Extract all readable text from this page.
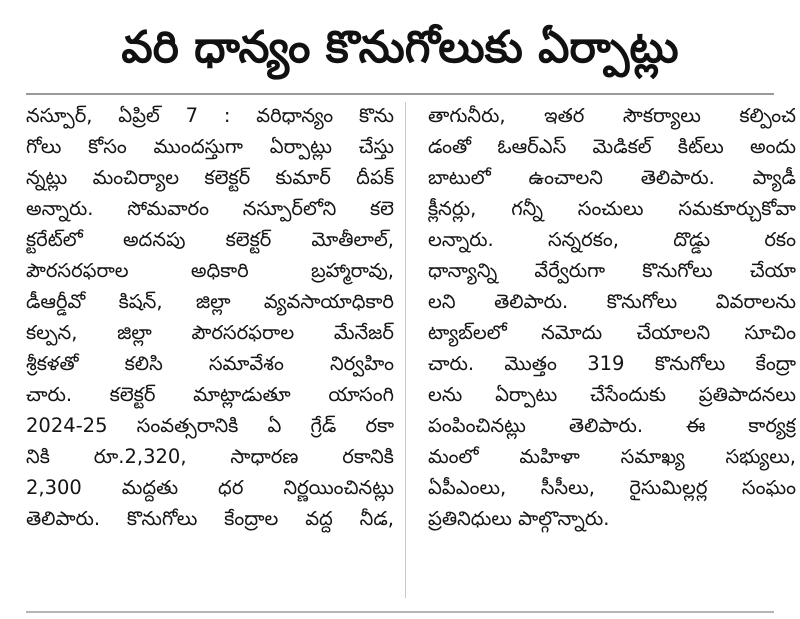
వరి ధాన్యం కొనుగోలుకు ఏర్పాట్లు
నస్పూర్, ఏప్రిల్ 7 : వరిధాన్యం కొను
గోలు కోసం ముందస్తుగా ఏర్పాట్లు చేస్తు
న్నట్లు మంచిర్యాల కలెక్టర్ కుమార్ దీపక్
అన్నారు. సోమవారం నస్పూర్‌లోని కలె
క్టరేట్‌లో అదనపు కలెక్టర్ మోతీలాల్,
పౌరసరఫరాల అధికారి బ్రహ్మారావు,
డీఆర్డీవో కిషన్, జిల్లా వ్యవసాయాధికారి
కల్పన, జిల్లా పౌరసరఫరాల మేనేజర్
శ్రీకళతో కలిసి సమావేశం నిర్వహిం
చారు. కలెక్టర్ మాట్లాడుతూ యాసంగి
2024-25 సంవత్సరానికి ఏ గ్రేడ్ రకా
నికి రూ.2,320, సాధారణ రకానికి
2,300 మద్దతు ధర నిర్ణయించినట్లు
తెలిపారు. కొనుగోలు కేంద్రాల వద్ద నీడ,
తాగునీరు, ఇతర సౌకర్యాలు కల్పించ
డంతో ఓఆర్ఎస్ మెడికల్ కిట్‌లు అందు
బాటులో ఉంచాలని తెలిపారు. ప్యాడీ
క్లీనర్లు, గన్నీ సంచులు సమకూర్చుకోవా
లన్నారు. సన్నరకం, దొడ్డు రకం
ధాన్యాన్ని వేర్వేరుగా కొనుగోలు చేయా
లని తెలిపారు. కొనుగోలు వివరాలను
ట్యాబ్‌లలో నమోదు చేయాలని సూచిం
చారు. మొత్తం 319 కొనుగోలు కేంద్రా
లను ఏర్పాటు చేసేందుకు ప్రతిపాదనలు
పంపించినట్లు తెలిపారు. ఈ కార్యక్ర
మంలో మహిళా సమాఖ్య సభ్యులు,
ఏపీఎంలు, సీసీలు, రైసుమిల్లర్ల సంఘం
ప్రతినిధులు పాల్గొన్నారు.
